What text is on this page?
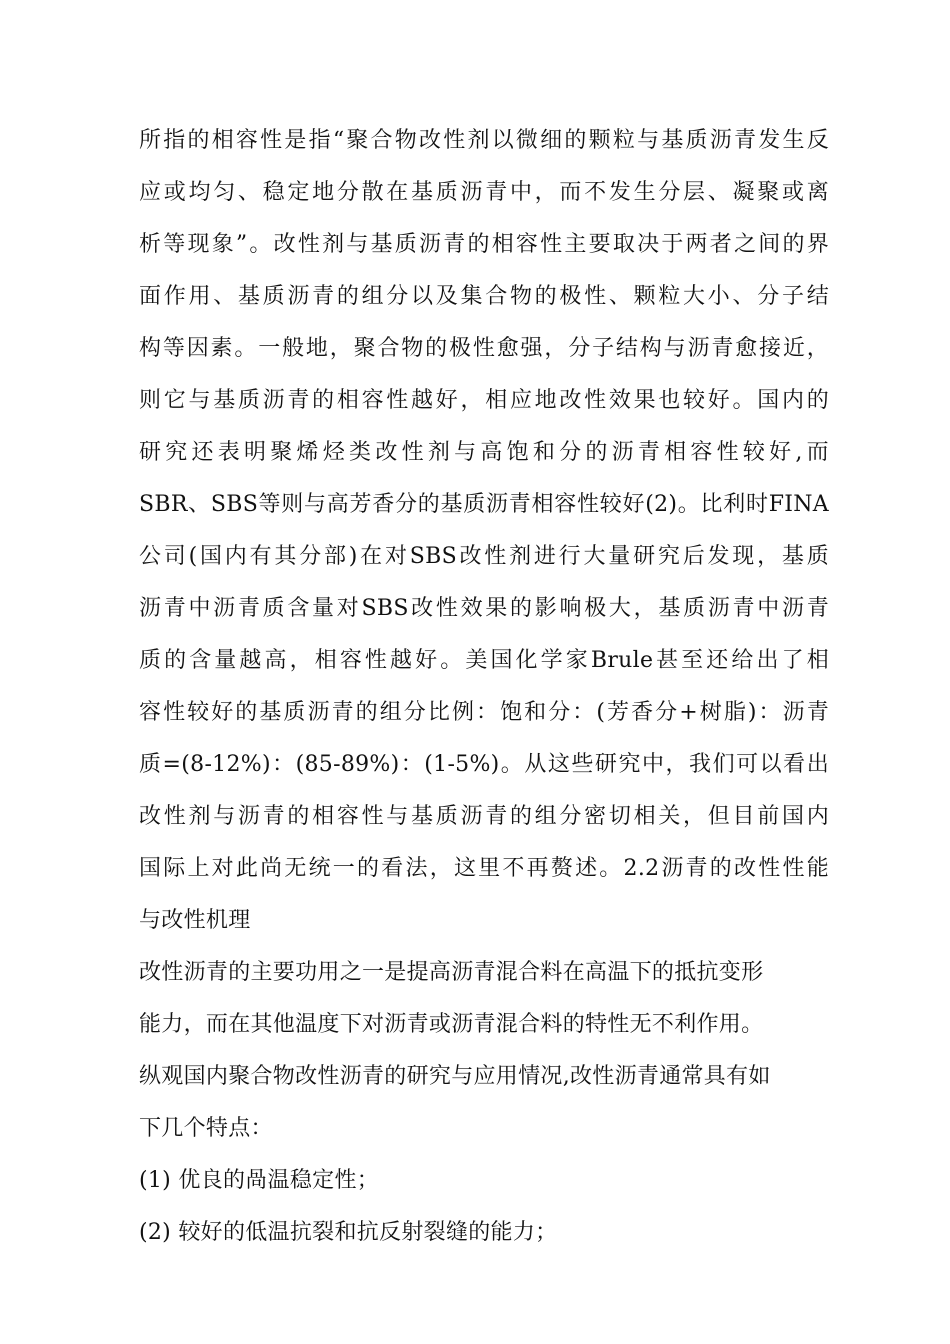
所指的相容性是指“聚合物改性剂以微细的颗粒与基质沥青发生反
应或均匀、稳定地分散在基质沥青中，而不发生分层、凝聚或离
析等现象”。改性剂与基质沥青的相容性主要取决于两者之间的界
面作用、基质沥青的组分以及集合物的极性、颗粒大小、分子结
构等因素。一般地，聚合物的极性愈强，分子结构与沥青愈接近，
则它与基质沥青的相容性越好，相应地改性效果也较好。国内的
研究还表明聚烯烃类改性剂与高饱和分的沥青相容性较好,而
SBR、SBS等则与高芳香分的基质沥青相容性较好(2)。比利时FINA
公司(国内有其分部)在对SBS改性剂进行大量研究后发现，基质
沥青中沥青质含量对SBS改性效果的影响极大，基质沥青中沥青
质的含量越高，相容性越好。美国化学家Brule甚至还给出了相
容性较好的基质沥青的组分比例：饱和分：(芳香分+树脂)：沥青
质=(8-12%)：(85-89%)：(1-5%)。从这些研究中，我们可以看出
改性剂与沥青的相容性与基质沥青的组分密切相关，但目前国内
国际上对此尚无统一的看法，这里不再赘述。2.2沥青的改性性能
与改性机理
改性沥青的主要功用之一是提高沥青混合料在高温下的抵抗变形
能力，而在其他温度下对沥青或沥青混合料的特性无不利作用。
纵观国内聚合物改性沥青的研究与应用情况,改性沥青通常具有如
下几个特点：
(1) 优良的咼温稳定性；
(2) 较好的低温抗裂和抗反射裂缝的能力；
